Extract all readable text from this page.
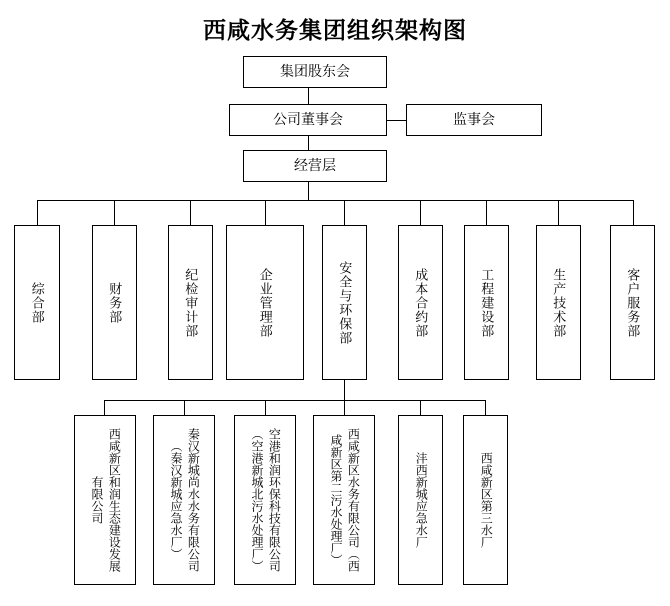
西咸水务集团组织架构图
集团股东会
公司董事会	监事会
经营层
综合部	财务部	纪检审计部	企业管理部	安全与环保部	成本合约部	工程建设部	生产技术部	客户服务部
西咸新区和润生态建设发展有限公司	秦汉新城尚水水务有限公司（秦汉新城应急水厂）	空港和润环保科技有限公司（空港新城北污水处理厂）	西咸新区水务有限公司（西咸新区第二污水处理厂）	沣西新城应急水厂	西咸新区第三水厂
